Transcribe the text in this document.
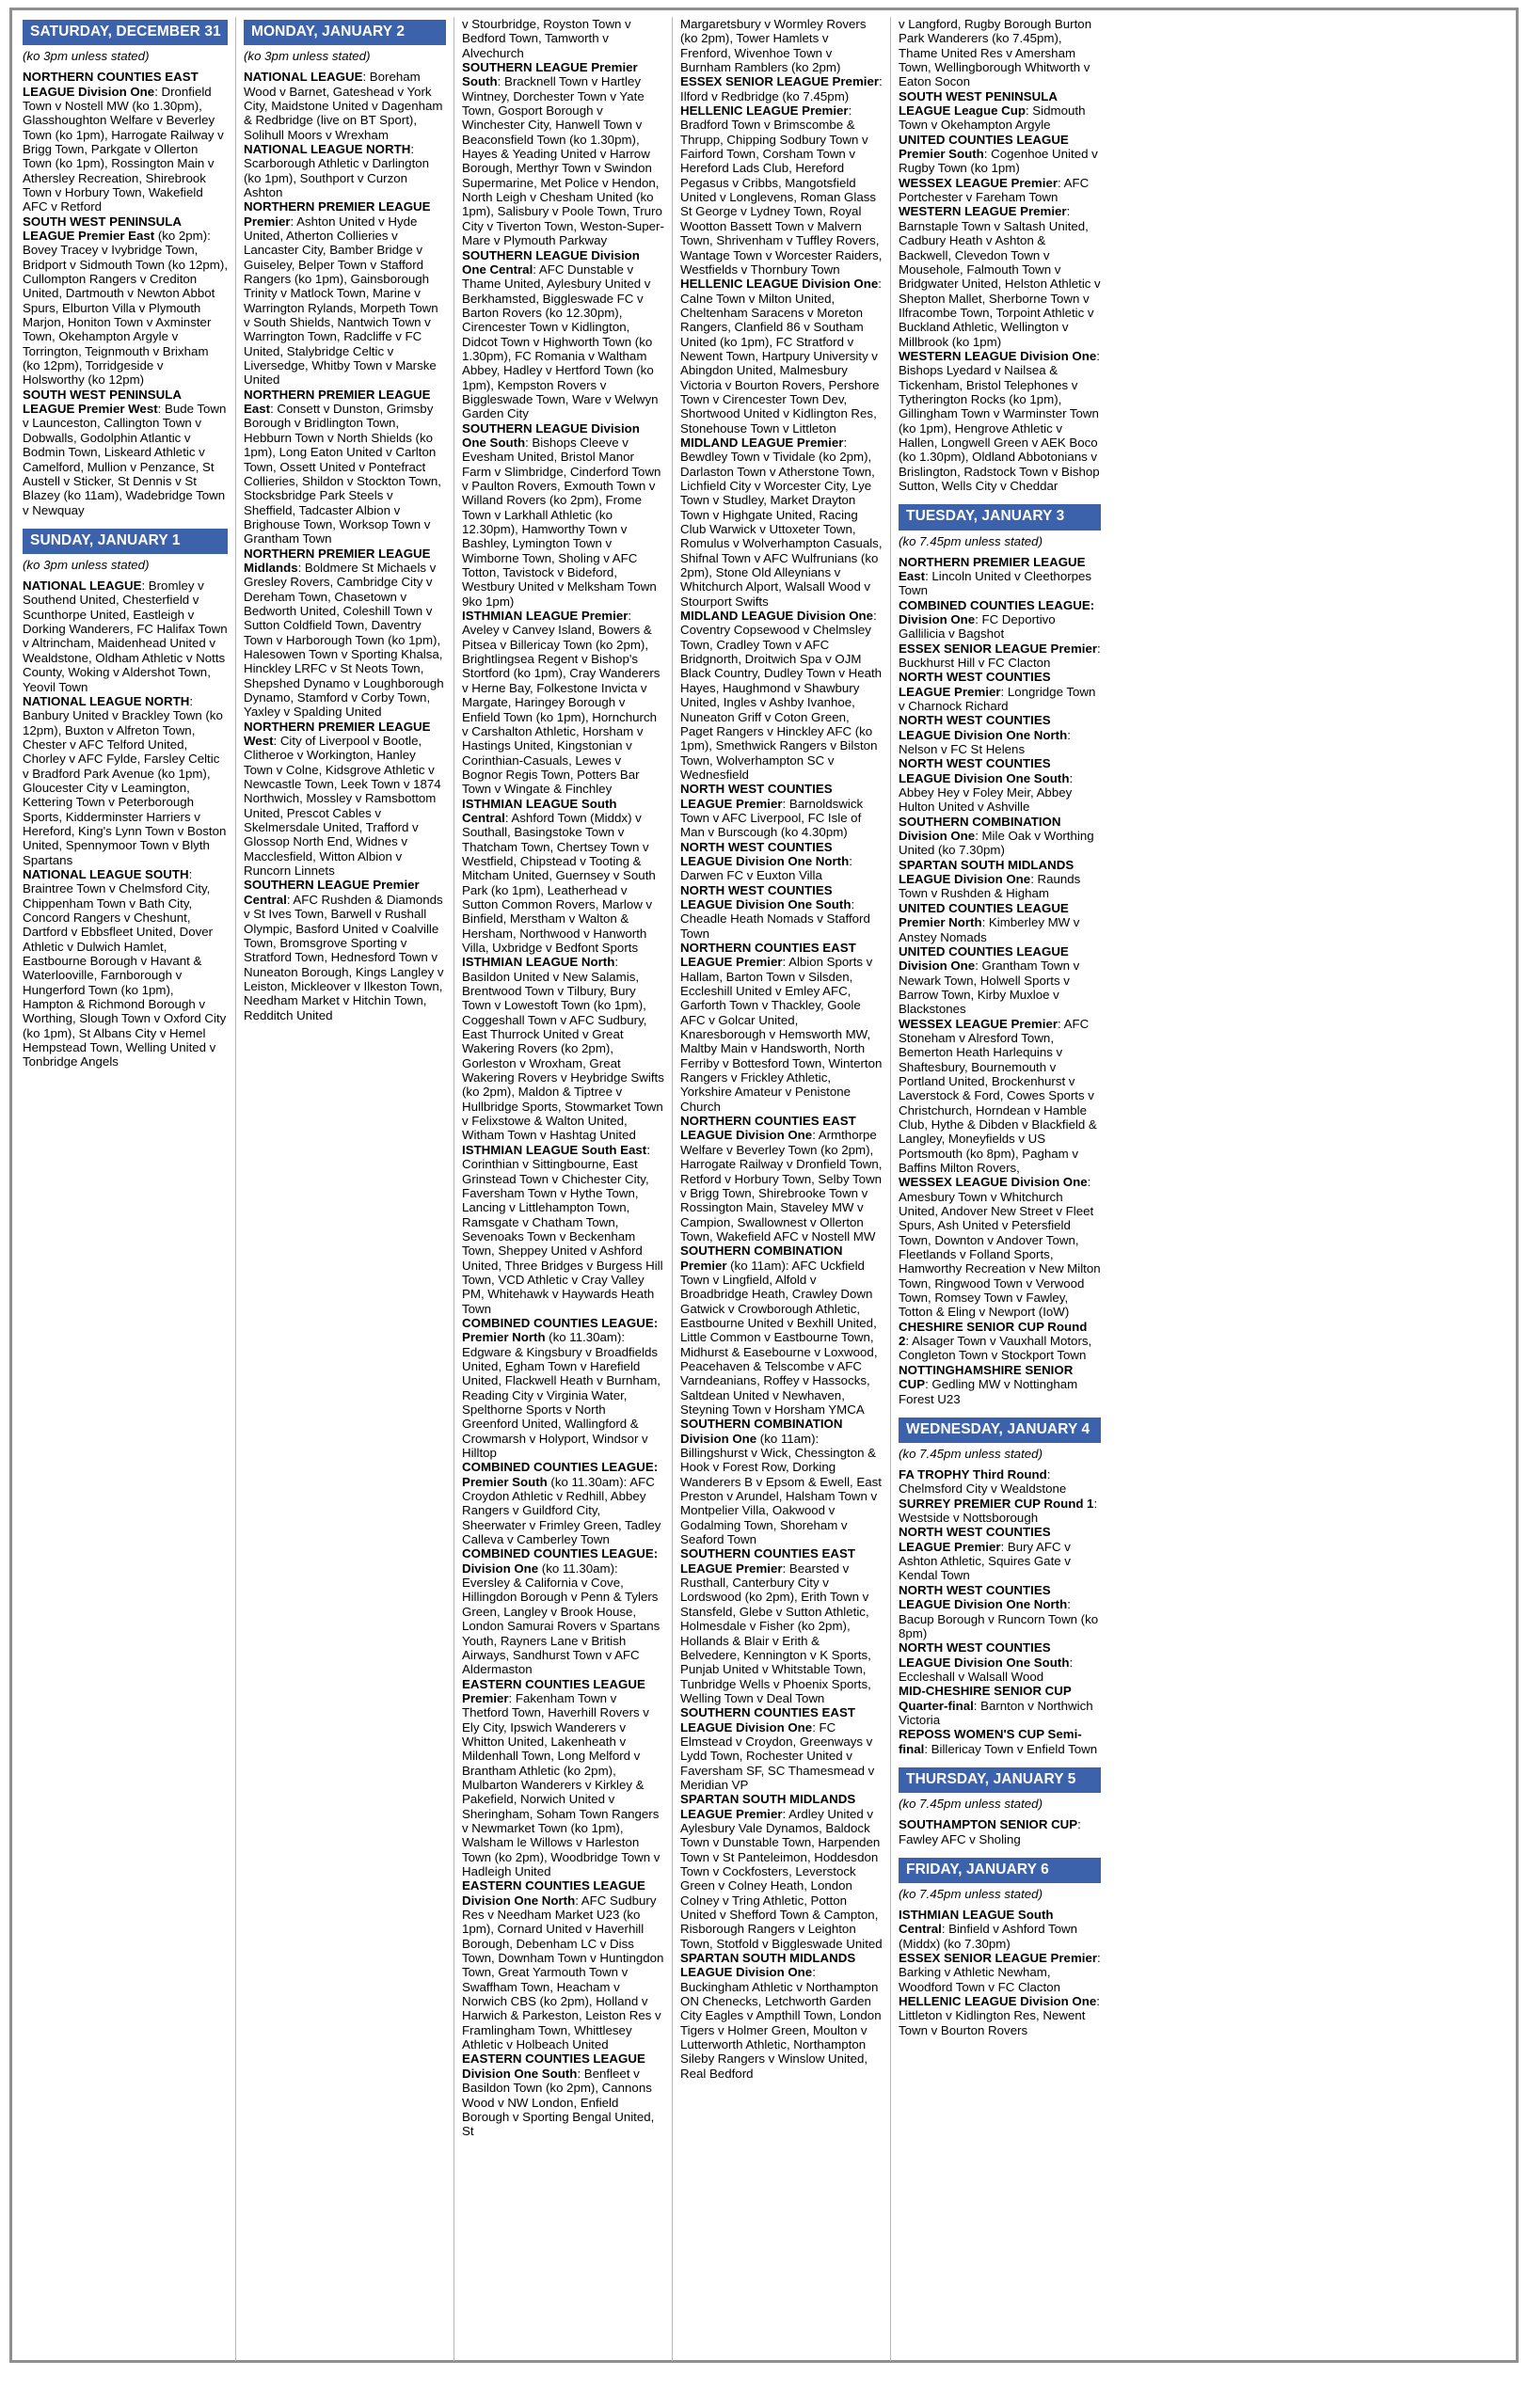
SATURDAY, DECEMBER 31
(ko 3pm unless stated)

NORTHERN COUNTIES EAST LEAGUE Division One: Dronfield Town v Nostell MW (ko 1.30pm), Glasshoughton Welfare v Beverley Town (ko 1pm), Harrogate Railway v Brigg Town, Parkgate v Ollerton Town (ko 1pm), Rossington Main v Athersley Recreation, Shirebrook Town v Horbury Town, Wakefield AFC v Retford

SOUTH WEST PENINSULA LEAGUE Premier East (ko 2pm): Bovey Tracey v Ivybridge Town, Bridport v Sidmouth Town (ko 12pm), Cullompton Rangers v Crediton United, Dartmouth v Newton Abbot Spurs, Elburton Villa v Plymouth Marjon, Honiton Town v Axminster Town, Okehampton Argyle v Torrington, Teignmouth v Brixham (ko 12pm), Torridgeside v Holsworthy (ko 12pm)

SOUTH WEST PENINSULA LEAGUE Premier West: Bude Town v Launceston, Callington Town v Dobwalls, Godolphin Atlantic v Bodmin Town, Liskeard Athletic v Camelford, Mullion v Penzance, St Austell v Sticker, St Dennis v St Blazey (ko 11am), Wadebridge Town v Newquay

SUNDAY, JANUARY 1
(ko 3pm unless stated)

NATIONAL LEAGUE: Bromley v Southend United, Chesterfield v Scunthorpe United, Eastleigh v Dorking Wanderers, FC Halifax Town v Altrincham, Maidenhead United v Wealdstone, Oldham Athletic v Notts County, Woking v Aldershot Town, Yeovil Town

NATIONAL LEAGUE NORTH: Banbury United v Brackley Town (ko 12pm), Buxton v Alfreton Town, Chester v AFC Telford United, Chorley v AFC Fylde, Farsley Celtic v Bradford Park Avenue (ko 1pm), Gloucester City v Leamington, Kettering Town v Peterborough Sports, Kidderminster Harriers v Hereford, King's Lynn Town v Boston United, Spennymoor Town v Blyth Spartans

NATIONAL LEAGUE SOUTH: Braintree Town v Chelmsford City, Chippenham Town v Bath City, Concord Rangers v Cheshunt, Dartford v Ebbsfleet United, Dover Athletic v Dulwich Hamlet, Eastbourne Borough v Havant & Waterlooville, Farnborough v Hungerford Town (ko 1pm), Hampton & Richmond Borough v Worthing, Slough Town v Oxford City (ko 1pm), St Albans City v Hemel Hempstead Town, Welling United v Tonbridge Angels

MONDAY, JANUARY 2
(ko 3pm unless stated)

NATIONAL LEAGUE: Boreham Wood v Barnet, Gateshead v York City, Maidstone United v Dagenham & Redbridge (live on BT Sport), Solihull Moors v Wrexham

NATIONAL LEAGUE NORTH: Scarborough Athletic v Darlington (ko 1pm), Southport v Curzon Ashton

NORTHERN PREMIER LEAGUE Premier: Ashton United v Hyde United, Atherton Collieries v Lancaster City, Bamber Bridge v Guiseley, Belper Town v Stafford Rangers (ko 1pm), Gainsborough Trinity v Matlock Town, Marine v Warrington Rylands, Morpeth Town v South Shields, Nantwich Town v Warrington Town, Radcliffe v FC United, Stalybridge Celtic v Liversedge, Whitby Town v Marske United

NORTHERN PREMIER LEAGUE East: Consett v Dunston, Grimsby Borough v Bridlington Town, Hebburn Town v North Shields (ko 1pm), Long Eaton United v Carlton Town, Ossett United v Pontefract Collieries, Shildon v Stockton Town, Stocksbridge Park Steels v Sheffield, Tadcaster Albion v Brighouse Town, Worksop Town v Grantham Town

NORTHERN PREMIER LEAGUE Midlands: Boldmere St Michaels v Gresley Rovers, Cambridge City v Dereham Town, Chasetown v Bedworth United, Coleshill Town v Sutton Coldfield Town, Daventry Town v Harborough Town (ko 1pm), Halesowen Town v Sporting Khalsa, Hinckley LRFC v St Neots Town, Shepshed Dynamo v Loughborough Dynamo, Stamford v Corby Town, Yaxley v Spalding United

NORTHERN PREMIER LEAGUE West: City of Liverpool v Bootle, Clitheroe v Workington, Hanley Town v Colne, Kidsgrove Athletic v Newcastle Town, Leek Town v 1874 Northwich, Mossley v Ramsbottom United, Prescot Cables v Skelmersdale United, Trafford v Glossop North End, Widnes v Macclesfield, Witton Albion v Runcorn Linnets

SOUTHERN LEAGUE Premier Central: AFC Rushden & Diamonds v St Ives Town, Barwell v Rushall Olympic, Basford United v Coalville Town, Bromsgrove Sporting v Stratford Town, Hednesford Town v Nuneaton Borough, Kings Langley v Leiston, Mickleover v Ilkeston Town, Needham Market v Hitchin Town, Redditch United

v Stourbridge, Royston Town v Bedford Town, Tamworth v Alvechurch

SOUTHERN LEAGUE Premier South: Bracknell Town v Hartley Wintney, Dorchester Town v Yate Town, Gosport Borough v Winchester City, Hanwell Town v Beaconsfield Town (ko 1.30pm), Hayes & Yeading United v Harrow Borough, Merthyr Town v Swindon Supermarine, Met Police v Hendon, North Leigh v Chesham United (ko 1pm), Salisbury v Poole Town, Truro City v Tiverton Town, Weston-Super-Mare v Plymouth Parkway

SOUTHERN LEAGUE Division One Central: AFC Dunstable v Thame United, Aylesbury United v Berkhamsted, Biggleswade FC v Barton Rovers (ko 12.30pm), Cirencester Town v Kidlington, Didcot Town v Highworth Town (ko 1.30pm), FC Romania v Waltham Abbey, Hadley v Hertford Town (ko 1pm), Kempston Rovers v Biggleswade Town, Ware v Welwyn Garden City

SOUTHERN LEAGUE Division One South: Bishops Cleeve v Evesham United, Bristol Manor Farm v Slimbridge, Cinderford Town v Paulton Rovers, Exmouth Town v Willand Rovers (ko 2pm), Frome Town v Larkhall Athletic (ko 12.30pm), Hamworthy Town v Bashley, Lymington Town v Wimborne Town, Sholing v AFC Totton, Tavistock v Bideford, Westbury United v Melksham Town 9ko 1pm)

ISTHMIAN LEAGUE Premier: Aveley v Canvey Island, Bowers & Pitsea v Billericay Town (ko 2pm), Brightlingsea Regent v Bishop's Stortford (ko 1pm), Cray Wanderers v Herne Bay, Folkestone Invicta v Margate, Haringey Borough v Enfield Town (ko 1pm), Hornchurch v Carshalton Athletic, Horsham v Hastings United, Kingstonian v Corinthian-Casuals, Lewes v Bognor Regis Town, Potters Bar Town v Wingate & Finchley

ISTHMIAN LEAGUE South Central: Ashford Town (Middx) v Southall, Basingstoke Town v Thatcham Town, Chertsey Town v Westfield, Chipstead v Tooting & Mitcham United, Guernsey v South Park (ko 1pm), Leatherhead v Sutton Common Rovers, Marlow v Binfield, Merstham v Walton & Hersham, Northwood v Hanworth Villa, Uxbridge v Bedfont Sports

ISTHMIAN LEAGUE North: Basildon United v New Salamis, Brentwood Town v Tilbury, Bury Town v Lowestoft Town (ko 1pm), Coggeshall Town v AFC Sudbury, East Thurrock United v Great Wakering Rovers (ko 2pm), Gorleston v Wroxham, Great Wakering Rovers v Heybridge Swifts (ko 2pm), Maldon & Tiptree v Hullbridge Sports, Stowmarket Town v Felixstowe & Walton United, Witham Town v Hashtag United

ISTHMIAN LEAGUE South East: Corinthian v Sittingbourne, East Grinstead Town v Chichester City, Faversham Town v Hythe Town, Lancing v Littlehampton Town, Ramsgate v Chatham Town, Sevenoaks Town v Beckenham Town, Sheppey United v Ashford United, Three Bridges v Burgess Hill Town, VCD Athletic v Cray Valley PM, Whitehawk v Haywards Heath Town

COMBINED COUNTIES LEAGUE: Premier North (ko 11.30am): Edgware & Kingsbury v Broadfields United, Egham Town v Harefield United, Flackwell Heath v Burnham, Reading City v Virginia Water, Spelthorne Sports v North Greenford United, Wallingford & Crowmarsh v Holyport, Windsor v Hilltop

COMBINED COUNTIES LEAGUE: Premier South (ko 11.30am): AFC Croydon Athletic v Redhill, Abbey Rangers v Guildford City, Sheerwater v Frimley Green, Tadley Calleva v Camberley Town

COMBINED COUNTIES LEAGUE: Division One (ko 11.30am): Eversley & California v Cove, Hillingdon Borough v Penn & Tylers Green, Langley v Brook House, London Samurai Rovers v Spartans Youth, Rayners Lane v British Airways, Sandhurst Town v AFC Aldermaston

EASTERN COUNTIES LEAGUE Premier: Fakenham Town v Thetford Town, Haverhill Rovers v Ely City, Ipswich Wanderers v Whitton United, Lakenheath v Mildenhall Town, Long Melford v Brantham Athletic (ko 2pm), Mulbarton Wanderers v Kirkley & Pakefield, Norwich United v Sheringham, Soham Town Rangers v Newmarket Town (ko 1pm), Walsham le Willows v Harleston Town (ko 2pm), Woodbridge Town v Hadleigh United

EASTERN COUNTIES LEAGUE Division One North: AFC Sudbury Res v Needham Market U23 (ko 1pm), Cornard United v Haverhill Borough, Debenham LC v Diss Town, Downham Town v Huntingdon Town, Great Yarmouth Town v Swaffham Town, Heacham v Norwich CBS (ko 2pm), Holland v Harwich & Parkeston, Leiston Res v Framlingham Town, Whittlesey Athletic v Holbeach United

EASTERN COUNTIES LEAGUE Division One South: Benfleet v Basildon Town (ko 2pm), Cannons Wood v NW London, Enfield Borough v Sporting Bengal United, St

Margaretsbury v Wormley Rovers (ko 2pm), Tower Hamlets v Frenford, Wivenhoe Town v Burnham Ramblers (ko 2pm)

ESSEX SENIOR LEAGUE Premier: Ilford v Redbridge (ko 7.45pm)

HELLENIC LEAGUE Premier: Bradford Town v Brimscombe & Thrupp, Chipping Sodbury Town v Fairford Town, Corsham Town v Hereford Lads Club, Hereford Pegasus v Cribbs, Mangotsfield United v Longlevens, Roman Glass St George v Lydney Town, Royal Wootton Bassett Town v Malvern Town, Shrivenham v Tuffley Rovers, Wantage Town v Worcester Raiders, Westfields v Thornbury Town

HELLENIC LEAGUE Division One: Calne Town v Milton United, Cheltenham Saracens v Moreton Rangers, Clanfield 86 v Southam United (ko 1pm), FC Stratford v Newent Town, Hartpury University v Abingdon United, Malmesbury Victoria v Bourton Rovers, Pershore Town v Cirencester Town Dev, Shortwood United v Kidlington Res, Stonehouse Town v Littleton

MIDLAND LEAGUE Premier: Bewdley Town v Tividale (ko 2pm), Darlaston Town v Atherstone Town, Lichfield City v Worcester City, Lye Town v Studley, Market Drayton Town v Highgate United, Racing Club Warwick v Uttoxeter Town, Romulus v Wolverhampton Casuals, Shifnal Town v AFC Wulfrunians (ko 2pm), Stone Old Alleynians v Whitchurch Alport, Walsall Wood v Stourport Swifts

MIDLAND LEAGUE Division One: Coventry Copsewood v Chelmsley Town, Cradley Town v AFC Bridgnorth, Droitwich Spa v OJM Black Country, Dudley Town v Heath Hayes, Haughmond v Shawbury United, Ingles v Ashby Ivanhoe, Nuneaton Griff v Coton Green, Paget Rangers v Hinckley AFC (ko 1pm), Smethwick Rangers v Bilston Town, Wolverhampton SC v Wednesfield

NORTH WEST COUNTIES LEAGUE Premier: Barnoldswick Town v AFC Liverpool, FC Isle of Man v Burscough (ko 4.30pm)

NORTH WEST COUNTIES LEAGUE Division One North: Darwen FC v Euxton Villa

NORTH WEST COUNTIES LEAGUE Division One South: Cheadle Heath Nomads v Stafford Town

NORTHERN COUNTIES EAST LEAGUE Premier: Albion Sports v Hallam, Barton Town v Silsden, Eccleshill United v Emley AFC, Garforth Town v Thackley, Goole AFC v Golcar United, Knaresborough v Hemsworth MW, Maltby Main v Handsworth, North Ferriby v Bottesford Town, Winterton Rangers v Frickley Athletic, Yorkshire Amateur v Penistone Church

NORTHERN COUNTIES EAST LEAGUE Division One: Armthorpe Welfare v Beverley Town (ko 2pm), Harrogate Railway v Dronfield Town, Retford v Horbury Town, Selby Town v Brigg Town, Shirebrooke Town v Rossington Main, Staveley MW v Campion, Swallownest v Ollerton Town, Wakefield AFC v Nostell MW

SOUTHERN COMBINATION Premier (ko 11am): AFC Uckfield Town v Lingfield, Alfold v Broadbridge Heath, Crawley Down Gatwick v Crowborough Athletic, Eastbourne United v Bexhill United, Little Common v Eastbourne Town, Midhurst & Easebourne v Loxwood, Peacehaven & Telscombe v AFC Varndeanians, Roffey v Hassocks, Saltdean United v Newhaven, Steyning Town v Horsham YMCA

SOUTHERN COMBINATION Division One (ko 11am): Billingshurst v Wick, Chessington & Hook v Forest Row, Dorking Wanderers B v Epsom & Ewell, East Preston v Arundel, Halsham Town v Montpelier Villa, Oakwood v Godalming Town, Shoreham v Seaford Town

SOUTHERN COUNTIES EAST LEAGUE Premier: Bearsted v Rusthall, Canterbury City v Lordswood (ko 2pm), Erith Town v Stansfeld, Glebe v Sutton Athletic, Holmesdale v Fisher (ko 2pm), Hollands & Blair v Erith & Belvedere, Kennington v K Sports, Punjab United v Whitstable Town, Tunbridge Wells v Phoenix Sports, Welling Town v Deal Town

SOUTHERN COUNTIES EAST LEAGUE Division One: FC Elmstead v Croydon, Greenways v Lydd Town, Rochester United v Faversham SF, SC Thamesmead v Meridian VP

SPARTAN SOUTH MIDLANDS LEAGUE Premier: Ardley United v Aylesbury Vale Dynamos, Baldock Town v Dunstable Town, Harpenden Town v St Panteleimon, Hoddesdon Town v Cockfosters, Leverstock Green v Colney Heath, London Colney v Tring Athletic, Potton United v Shefford Town & Campton, Risborough Rangers v Leighton Town, Stotfold v Biggleswade United

SPARTAN SOUTH MIDLANDS LEAGUE Division One: Buckingham Athletic v Northampton ON Chenecks, Letchworth Garden City Eagles v Ampthill Town, London Tigers v Holmer Green, Moulton v Lutterworth Athletic, Northampton Sileby Rangers v Winslow United, Real Bedford

v Langford, Rugby Borough Burton Park Wanderers (ko 7.45pm), Thame United Res v Amersham Town, Wellingborough Whitworth v Eaton Socon

SOUTH WEST PENINSULA LEAGUE League Cup: Sidmouth Town v Okehampton Argyle

UNITED COUNTIES LEAGUE Premier South: Cogenhoe United v Rugby Town (ko 1pm)

WESSEX LEAGUE Premier: AFC Portchester v Fareham Town

WESTERN LEAGUE Premier: Barnstaple Town v Saltash United, Cadbury Heath v Ashton & Backwell, Clevedon Town v Mousehole, Falmouth Town v Bridgwater United, Helston Athletic v Shepton Mallet, Sherborne Town v Ilfracombe Town, Torpoint Athletic v Buckland Athletic, Wellington v Millbrook (ko 1pm)

WESTERN LEAGUE Division One: Bishops Lyedard v Nailsea & Tickenham, Bristol Telephones v Tytherington Rocks (ko 1pm), Gillingham Town v Warminster Town (ko 1pm), Hengrove Athletic v Hallen, Longwell Green v AEK Boco (ko 1.30pm), Oldland Abbotonians v Brislington, Radstock Town v Bishop Sutton, Wells City v Cheddar

TUESDAY, JANUARY 3
(ko 7.45pm unless stated)

NORTHERN PREMIER LEAGUE East: Lincoln United v Cleethorpes Town

COMBINED COUNTIES LEAGUE: Division One: FC Deportivo Gallilicia v Bagshot

ESSEX SENIOR LEAGUE Premier: Buckhurst Hill v FC Clacton

NORTH WEST COUNTIES LEAGUE Premier: Longridge Town v Charnock Richard

NORTH WEST COUNTIES LEAGUE Division One North: Nelson v FC St Helens

NORTH WEST COUNTIES LEAGUE Division One South: Abbey Hey v Foley Meir, Abbey Hulton United v Ashville

SOUTHERN COMBINATION Division One: Mile Oak v Worthing United (ko 7.30pm)

SPARTAN SOUTH MIDLANDS LEAGUE Division One: Raunds Town v Rushden & Higham

UNITED COUNTIES LEAGUE Premier North: Kimberley MW v Anstey Nomads

UNITED COUNTIES LEAGUE Division One: Grantham Town v Newark Town, Holwell Sports v Barrow Town, Kirby Muxloe v Blackstones

WESSEX LEAGUE Premier: AFC Stoneham v Alresford Town, Bemerton Heath Harlequins v Shaftesbury, Bournemouth v Portland United, Brockenhurst v Laverstock & Ford, Cowes Sports v Christchurch, Horndean v Hamble Club, Hythe & Dibden v Blackfield & Langley, Moneyfields v US Portsmouth (ko 8pm), Pagham v Baffins Milton Rovers,

WESSEX LEAGUE Division One: Amesbury Town v Whitchurch United, Andover New Street v Fleet Spurs, Ash United v Petersfield Town, Downton v Andover Town, Fleetlands v Folland Sports, Hamworthy Recreation v New Milton Town, Ringwood Town v Verwood Town, Romsey Town v Fawley, Totton & Eling v Newport (IoW)

CHESHIRE SENIOR CUP Round 2: Alsager Town v Vauxhall Motors, Congleton Town v Stockport Town

NOTTINGHAMSHIRE SENIOR CUP: Gedling MW v Nottingham Forest U23

WEDNESDAY, JANUARY 4
(ko 7.45pm unless stated)

FA TROPHY Third Round: Chelmsford City v Wealdstone

SURREY PREMIER CUP Round 1: Westside v Nottsborough

NORTH WEST COUNTIES LEAGUE Premier: Bury AFC v Ashton Athletic, Squires Gate v Kendal Town

NORTH WEST COUNTIES LEAGUE Division One North: Bacup Borough v Runcorn Town (ko 8pm)

NORTH WEST COUNTIES LEAGUE Division One South: Eccleshall v Walsall Wood

MID-CHESHIRE SENIOR CUP Quarter-final: Barnton v Northwich Victoria

REPOSS WOMEN'S CUP Semi-final: Billericay Town v Enfield Town

THURSDAY, JANUARY 5
(ko 7.45pm unless stated)

SOUTHAMPTON SENIOR CUP: Fawley AFC v Sholing

FRIDAY, JANUARY 6
(ko 7.45pm unless stated)

ISTHMIAN LEAGUE South Central: Binfield v Ashford Town (Middx) (ko 7.30pm)

ESSEX SENIOR LEAGUE Premier: Barking v Athletic Newham, Woodford Town v FC Clacton

HELLENIC LEAGUE Division One: Littleton v Kidlington Res, Newent Town v Bourton Rovers
